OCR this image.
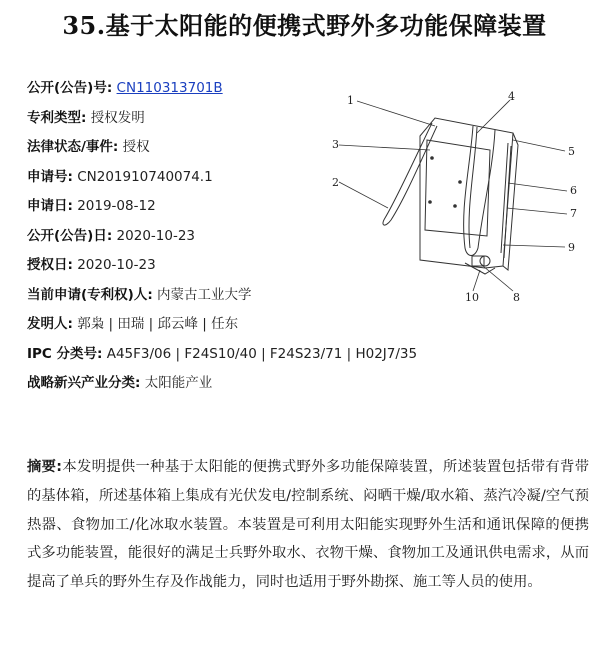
35.基于太阳能的便携式野外多功能保障装置
公开(公告)号: CN110313701B
专利类型: 授权发明
法律状态/事件: 授权
申请号: CN201910740074.1
申请日: 2019-08-12
公开(公告)日: 2020-10-23
授权日: 2020-10-23
当前申请(专利权)人: 内蒙古工业大学
发明人: 郭枭 | 田瑞 | 邱云峰 | 任东
IPC 分类号: A45F3/06 | F24S10/40 | F24S23/71 | H02J7/35
战略新兴产业分类: 太阳能产业
1
2
3
4
5
6
7
8
9
10
摘要:本发明提供一种基于太阳能的便携式野外多功能保障装置，所述装置包括带有背带的基体箱，所述基体箱上集成有光伏发电/控制系统、闷晒干燥/取水箱、蒸汽冷凝/空气预热器、食物加工/化冰取水装置。本装置是可利用太阳能实现野外生活和通讯保障的便携式多功能装置，能很好的满足士兵野外取水、衣物干燥、食物加工及通讯供电需求，从而提高了单兵的野外生存及作战能力，同时也适用于野外勘探、施工等人员的使用。
